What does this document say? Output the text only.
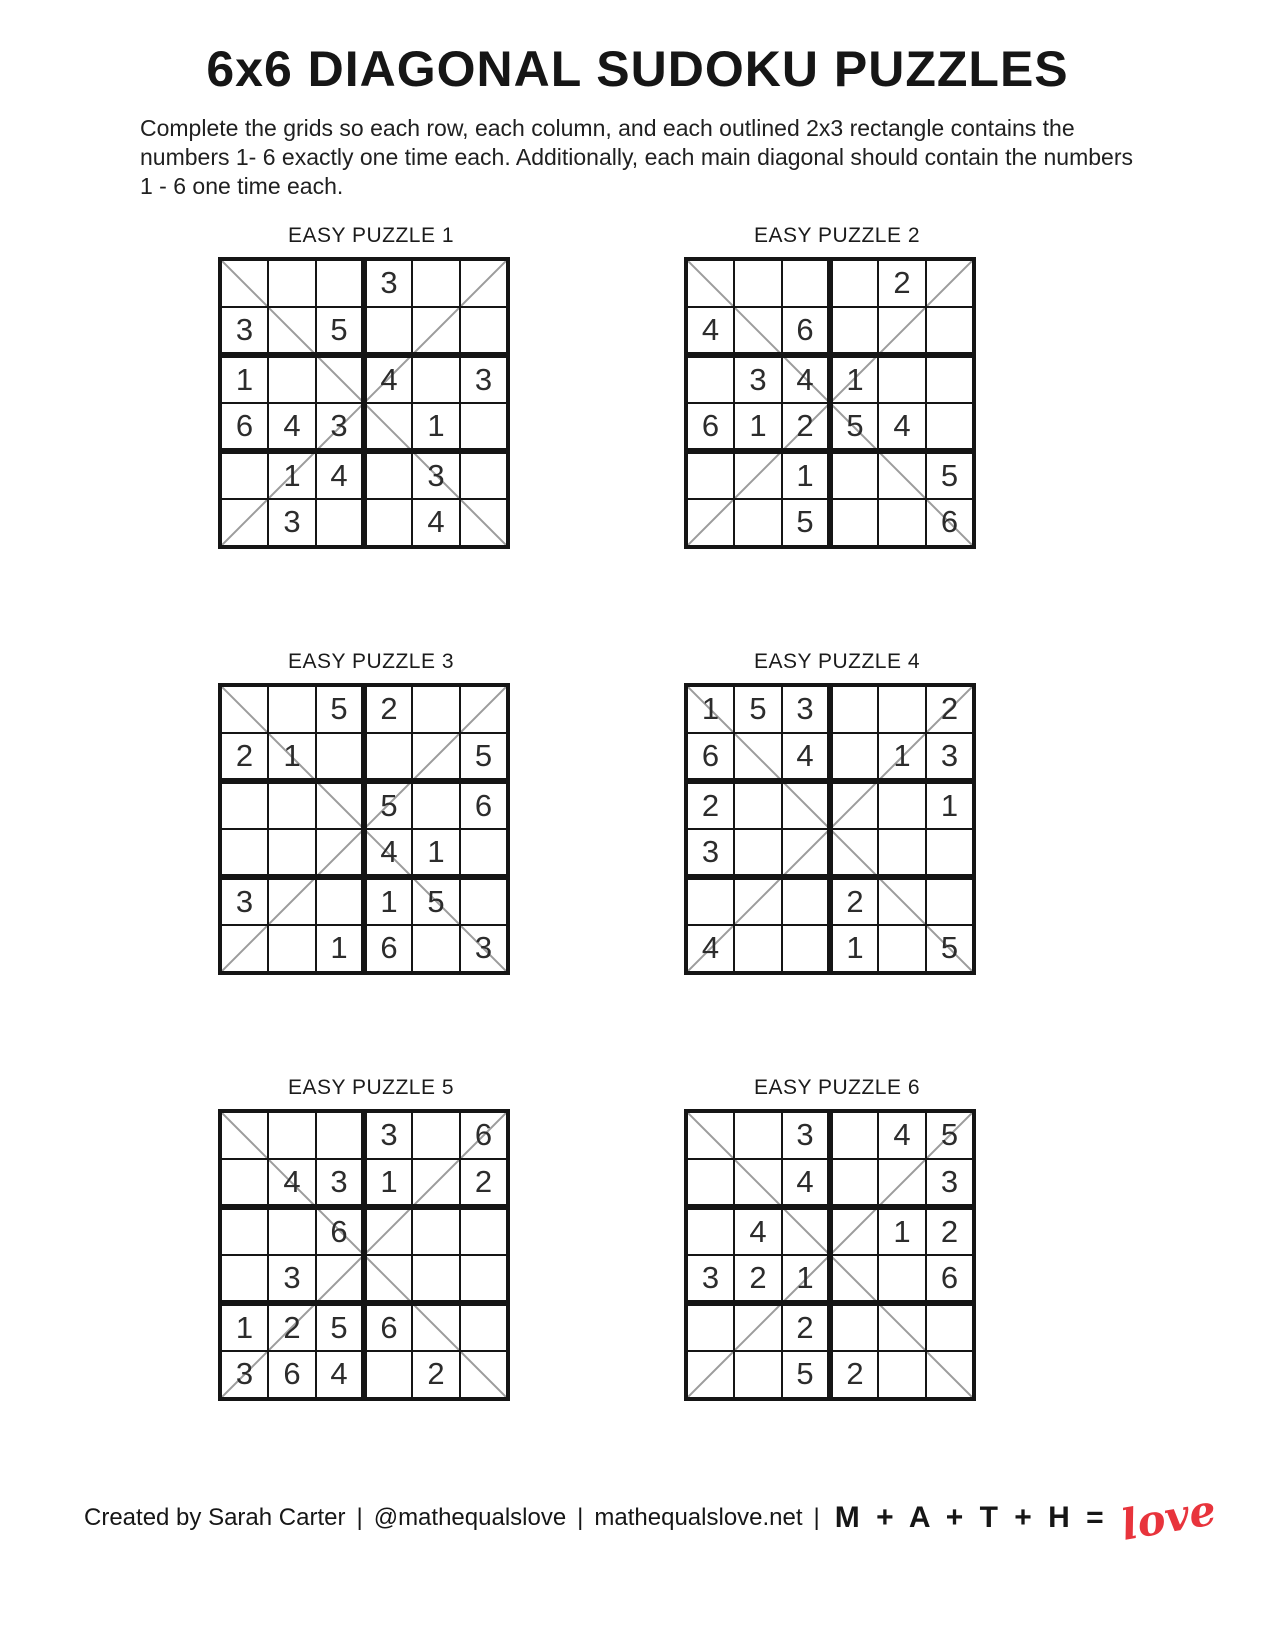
6x6 DIAGONAL SUDOKU PUZZLES
Complete the grids so each row, each column, and each outlined 2x3 rectangle contains the numbers 1- 6 exactly one time each. Additionally, each main diagonal should contain the numbers 1 - 6 one time each.
EASY PUZZLE 1
			3		
3		5			
1			4		3
6	4	3		1	
	1	4		3	
	3			4	
EASY PUZZLE 2
				2	
4		6			
	3	4	1		
6	1	2	5	4	
		1			5
		5			6
EASY PUZZLE 3
		5	2		
2	1				5
			5		6
			4	1	
3			1	5	
		1	6		3
EASY PUZZLE 4
1	5	3			2
6		4		1	3
2					1
3					
			2		
4			1		5
EASY PUZZLE 5
			3		6
	4	3	1		2
		6			
	3				
1	2	5	6		
3	6	4		2	
EASY PUZZLE 6
		3		4	5
		4			3
	4			1	2
3	2	1			6
		2			
		5	2		
Created by Sarah Carter | @mathequalslove | mathequalslove.net | M + A + T + H = love
